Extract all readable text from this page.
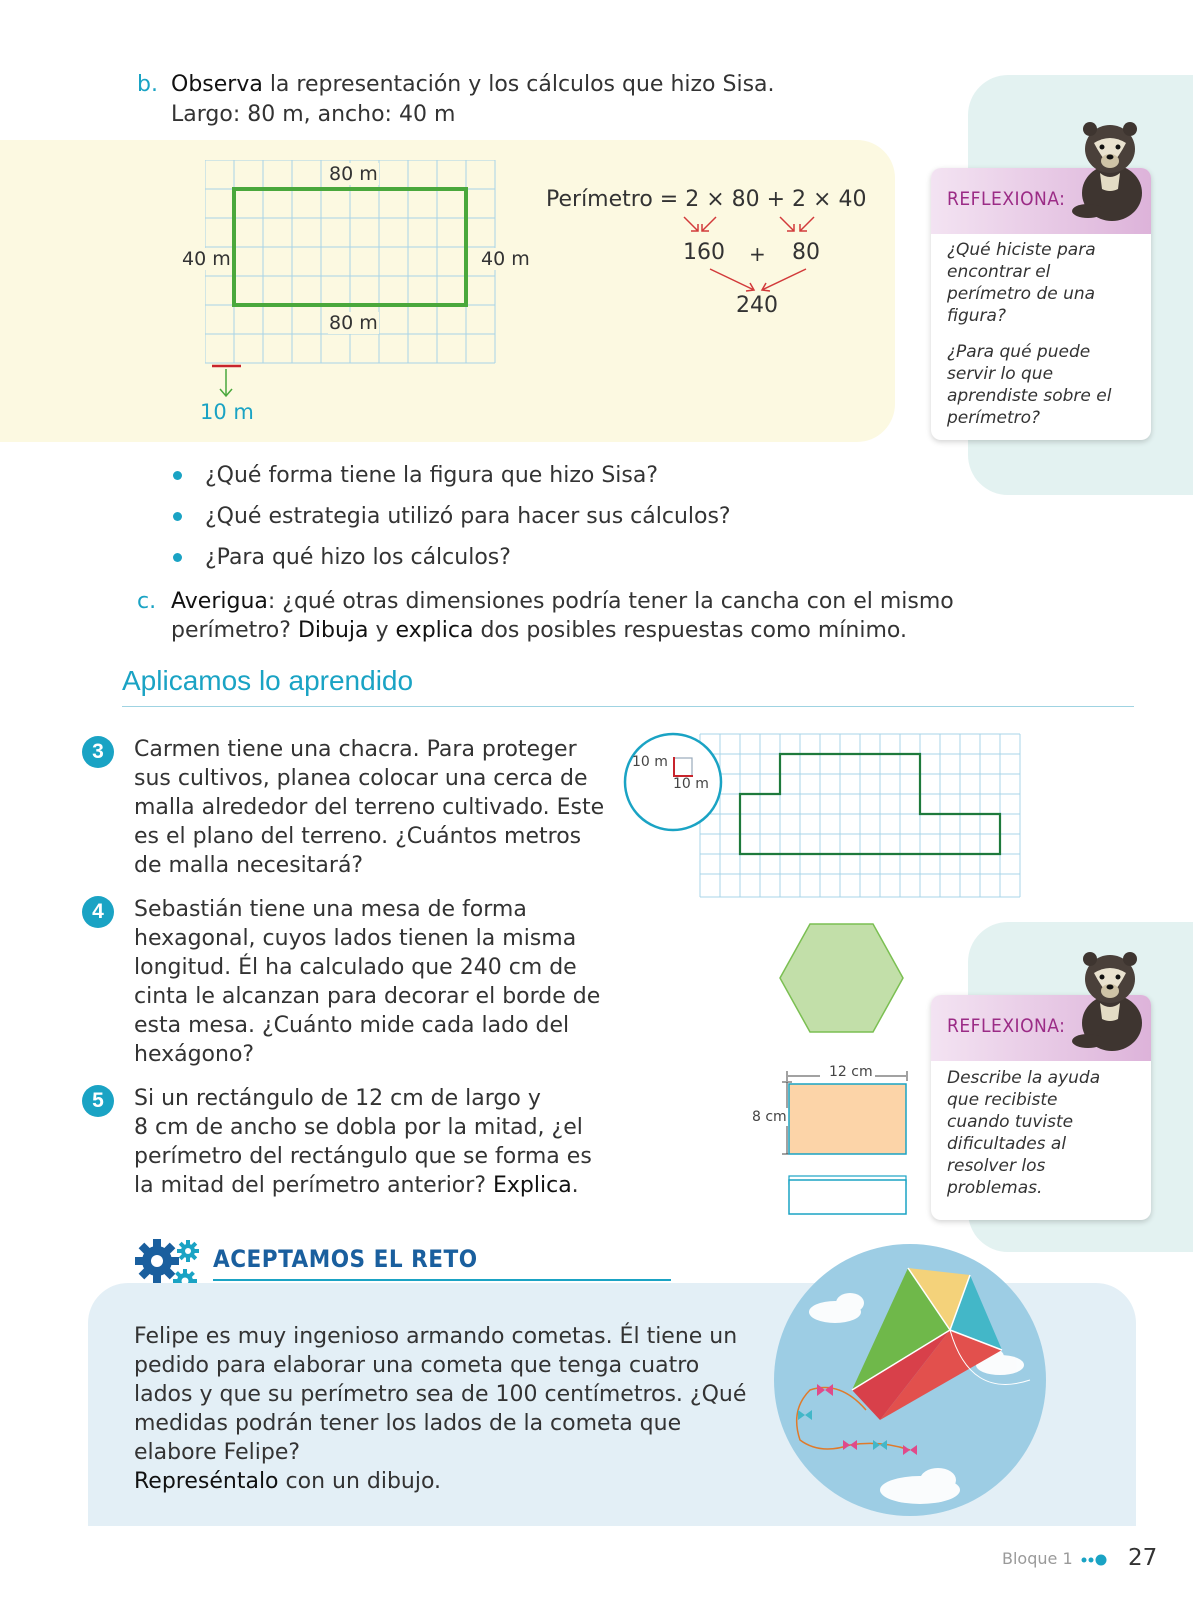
b. Observa la representación y los cálculos que hizo Sisa.
Largo: 80 m, ancho: 40 m
80 m
80 m
40 m	40 m
10 m
Perímetro = 2 × 80 + 2 × 40
160 + 80
240
REFLEXIONA:
¿Qué hiciste para encontrar el perímetro de una figura?
¿Para qué puede servir lo que aprendiste sobre el perímetro?
¿Qué forma tiene la figura que hizo Sisa?
¿Qué estrategia utilizó para hacer sus cálculos?
¿Para qué hizo los cálculos?
c. Averigua: ¿qué otras dimensiones podría tener la cancha con el mismo
perímetro? Dibuja y explica dos posibles respuestas como mínimo.
Aplicamos lo aprendido
3	Carmen tiene una chacra. Para proteger
sus cultivos, planea colocar una cerca de
malla alrededor del terreno cultivado. Este
es el plano del terreno. ¿Cuántos metros
de malla necesitará?
10 m
10 m
4	Sebastián tiene una mesa de forma
hexagonal, cuyos lados tienen la misma
longitud. Él ha calculado que 240 cm de
cinta le alcanzan para decorar el borde de
esta mesa. ¿Cuánto mide cada lado del
hexágono?
5	Si un rectángulo de 12 cm de largo y
8 cm de ancho se dobla por la mitad, ¿el
perímetro del rectángulo que se forma es
la mitad del perímetro anterior? Explica.
12 cm
8 cm
REFLEXIONA:
Describe la ayuda que recibiste cuando tuviste dificultades al resolver los problemas.
ACEPTAMOS EL RETO
Felipe es muy ingenioso armando cometas. Él tiene un
pedido para elaborar una cometa que tenga cuatro
lados y que su perímetro sea de 100 centímetros. ¿Qué
medidas podrán tener los lados de la cometa que
elabore Felipe?
Represéntalo con un dibujo.
Bloque 1 27
